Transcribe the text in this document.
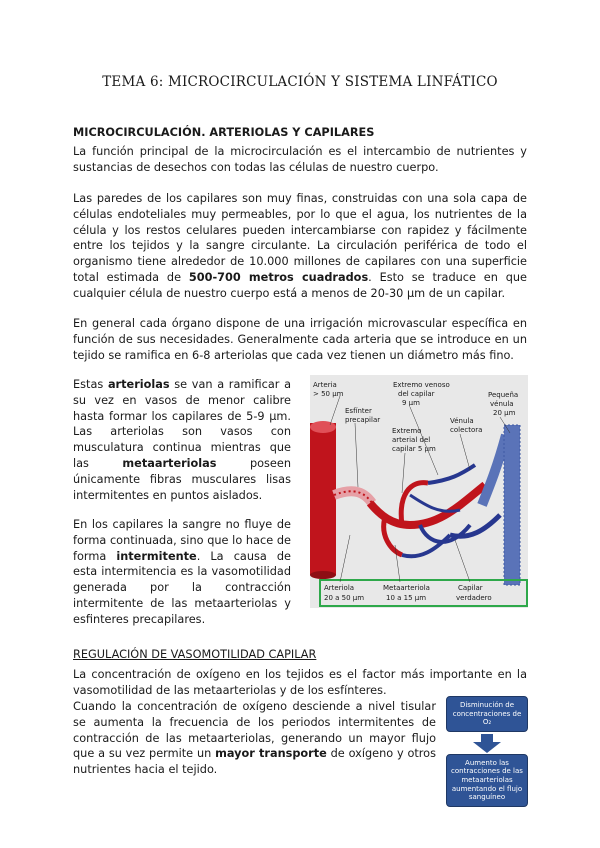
TEMA 6: MICROCIRCULACIÓN Y SISTEMA LINFÁTICO
MICROCIRCULACIÓN. ARTERIOLAS Y CAPILARES

La función principal de la microcirculación es el intercambio de nutrientes y sustancias de desechos con todas las células de nuestro cuerpo.

Las paredes de los capilares son muy finas, construidas con una sola capa de células endoteliales muy permeables, por lo que el agua, los nutrientes de la célula y los restos celulares pueden intercambiarse con rapidez y fácilmente entre los tejidos y la sangre circulante. La circulación periférica de todo el organismo tiene alrededor de 10.000 millones de capilares con una superficie total estimada de 500-700 metros cuadrados. Esto se traduce en que cualquier célula de nuestro cuerpo está a menos de 20-30 µm de un capilar.

En general cada órgano dispone de una irrigación microvascular específica en función de sus necesidades. Generalmente cada arteria que se introduce en un tejido se ramifica en 6-8 arteriolas que cada vez tienen un diámetro más fino.

Estas arteriolas se van a ramificar a su vez en vasos de menor calibre hasta formar los capilares de 5-9 µm. Las arteriolas son vasos con musculatura continua mientras que las metaarteriolas poseen únicamente fibras musculares lisas intermitentes en puntos aislados.

En los capilares la sangre no fluye de forma continuada, sino que lo hace de forma intermitente. La causa de esta intermitencia es la vasomotilidad generada por la contracción intermitente de las metaarteriolas y esfinteres precapilares.

Arteria
> 50 µm
Esfínter
precapilar
Extremo venoso
del capilar
9 µm
Pequeña
vénula
20 µm
Extremo
arterial del
capilar 5 µm
Vénula
colectora
Arteriola
20 a 50 µm
Metaarteriola
10 a 15 µm
Capilar
verdadero
REGULACIÓN DE VASOMOTILIDAD CAPILAR

La concentración de oxígeno en los tejidos es el factor más importante en la vasomotilidad de las metaarteriolas y de los esfínteres.

Cuando la concentración de oxígeno desciende a nivel tisular se aumenta la frecuencia de los periodos intermitentes de contracción de las metaarteriolas, generando un mayor flujo que a su vez permite un mayor transporte de oxígeno y otros nutrientes hacia el tejido.

Disminución de concentraciones de O₂
Aumento las contracciones de las metaarteriolas aumentando el flujo sanguíneo
